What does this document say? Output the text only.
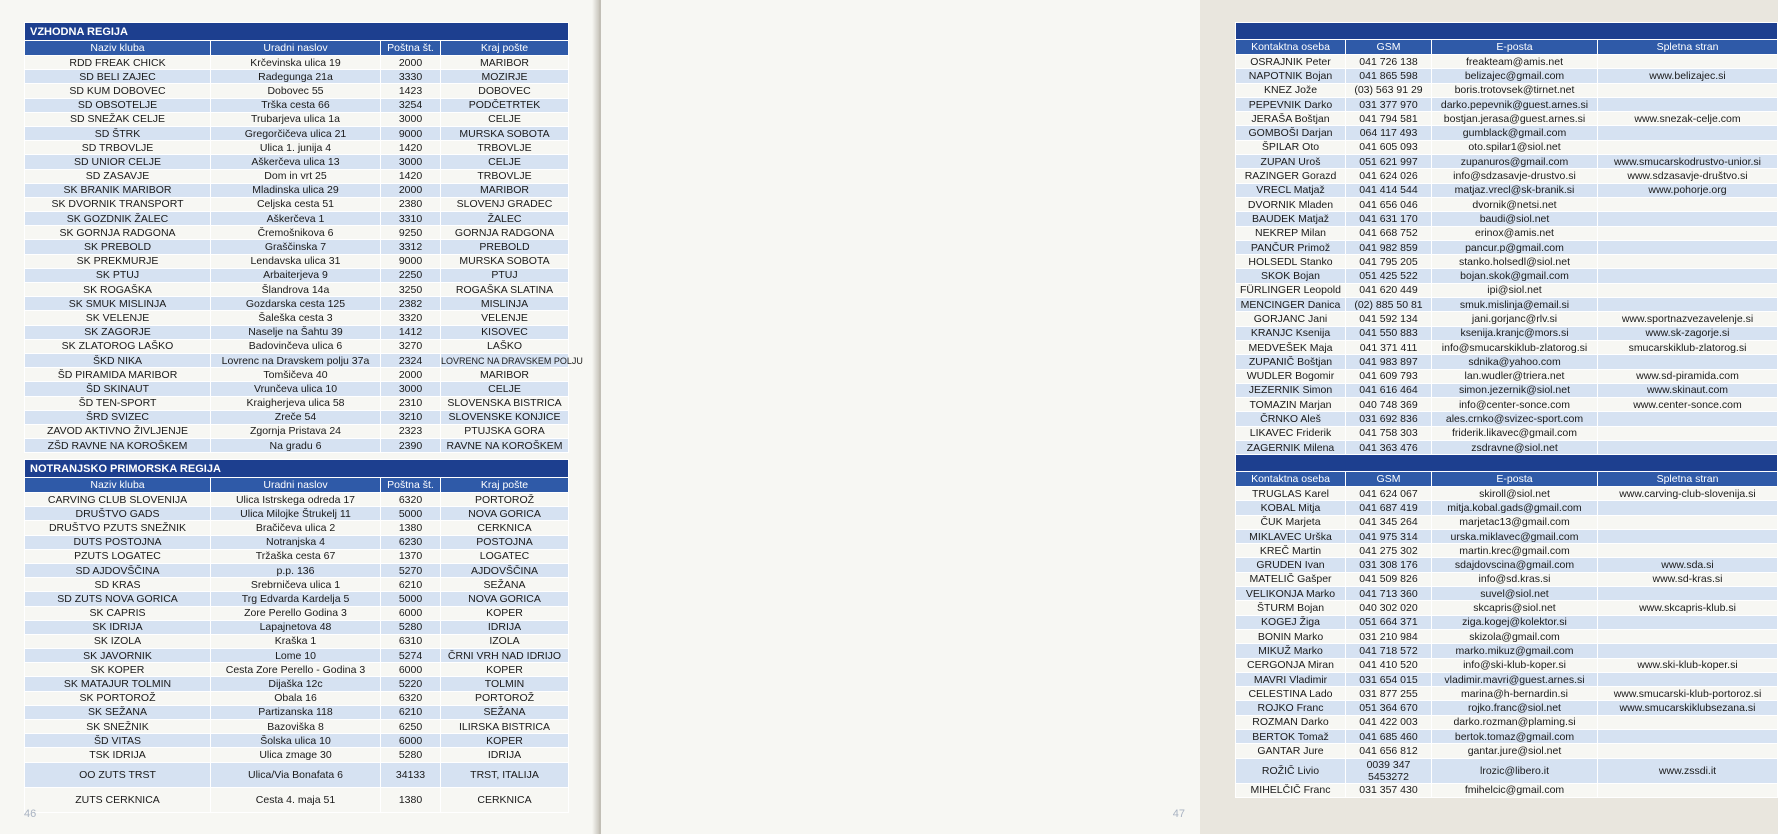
VZHODNA REGIJA			
Naziv kluba	Uradni naslov	Poštna št.	Kraj pošte
RDD FREAK CHICK	Krčevinska ulica 19	2000	MARIBOR
SD BELI ZAJEC	Radegunga 21a	3330	MOZIRJE
SD KUM DOBOVEC	Dobovec 55	1423	DOBOVEC
SD OBSOTELJE	Trška cesta 66	3254	PODČETRTEK
SD SNEŽAK CELJE	Trubarjeva ulica 1a	3000	CELJE
SD ŠTRK	Gregorčičeva ulica 21	9000	MURSKA SOBOTA
SD TRBOVLJE	Ulica 1. junija 4	1420	TRBOVLJE
SD UNIOR CELJE	Aškerčeva ulica 13	3000	CELJE
SD ZASAVJE	Dom in vrt 25	1420	TRBOVLJE
SK BRANIK MARIBOR	Mladinska ulica 29	2000	MARIBOR
SK DVORNIK TRANSPORT	Celjska cesta 51	2380	SLOVENJ GRADEC
SK GOZDNIK ŽALEC	Aškerčeva 1	3310	ŽALEC
SK GORNJA RADGONA	Čremošnikova 6	9250	GORNJA RADGONA
SK PREBOLD	Graščinska 7	3312	PREBOLD
SK PREKMURJE	Lendavska ulica 31	9000	MURSKA SOBOTA
SK PTUJ	Arbaiterjeva 9	2250	PTUJ
SK ROGAŠKA	Šlandrova 14a	3250	ROGAŠKA SLATINA
SK SMUK MISLINJA	Gozdarska cesta 125	2382	MISLINJA
SK VELENJE	Šaleška cesta 3	3320	VELENJE
SK ZAGORJE	Naselje na Šahtu 39	1412	KISOVEC
SK ZLATOROG LAŠKO	Badovinčeva ulica 6	3270	LAŠKO
ŠKD NIKA	Lovrenc na Dravskem polju 37a	2324	LOVRENC NA DRAVSKEM POLJU
ŠD PIRAMIDA MARIBOR	Tomšičeva 40	2000	MARIBOR
ŠD SKINAUT	Vrunčeva ulica 10	3000	CELJE
ŠD TEN-SPORT	Kraigherjeva ulica 58	2310	SLOVENSKA BISTRICA
ŠRD SVIZEC	Zreče 54	3210	SLOVENSKE KONJICE
ZAVOD AKTIVNO ŽIVLJENJE	Zgornja Pristava 24	2323	PTUJSKA GORA
ZŠD RAVNE NA KOROŠKEM	Na gradu 6	2390	RAVNE NA KOROŠKEM
NOTRANJSKO PRIMORSKA REGIJA			
Naziv kluba	Uradni naslov	Poštna št.	Kraj pošte
CARVING CLUB SLOVENIJA	Ulica Istrskega odreda 17	6320	PORTOROŽ
DRUŠTVO GADS	Ulica Milojke Štrukelj 11	5000	NOVA GORICA
DRUŠTVO PZUTS SNEŽNIK	Bračičeva ulica 2	1380	CERKNICA
DUTS POSTOJNA	Notranjska 4	6230	POSTOJNA
PZUTS LOGATEC	Tržaška cesta 67	1370	LOGATEC
SD AJDOVŠČINA	p.p. 136	5270	AJDOVŠČINA
SD KRAS	Srebrničeva ulica 1	6210	SEŽANA
SD ZUTS NOVA GORICA	Trg Edvarda Kardelja 5	5000	NOVA GORICA
SK CAPRIS	Zore Perello Godina 3	6000	KOPER
SK IDRIJA	Lapajnetova 48	5280	IDRIJA
SK IZOLA	Kraška 1	6310	IZOLA
SK JAVORNIK	Lome 10	5274	ČRNI VRH NAD IDRIJO
SK KOPER	Cesta Zore Perello - Godina 3	6000	KOPER
SK MATAJUR TOLMIN	Dijaška 12c	5220	TOLMIN
SK PORTOROŽ	Obala 16	6320	PORTOROŽ
SK SEŽANA	Partizanska 118	6210	SEŽANA
SK SNEŽNIK	Bazoviška 8	6250	ILIRSKA BISTRICA
ŠD VITAS	Šolska ulica 10	6000	KOPER
TSK IDRIJA	Ulica zmage 30	5280	IDRIJA
OO ZUTS TRST	Ulica/Via Bonafata 6	34133	TRST, ITALIJA
ZUTS CERKNICA	Cesta 4. maja 51	1380	CERKNICA
46

Kontaktna oseba	GSM	E-posta	Spletna stran
OSRAJNIK Peter	041 726 138	freakteam@amis.net	
NAPOTNIK Bojan	041 865 598	belizajec@gmail.com	www.belizajec.si
KNEZ Jože	(03) 563 91 29	boris.trotovsek@tirnet.net	
PEPEVNIK Darko	031 377 970	darko.pepevnik@guest.arnes.si	
JERAŠA Boštjan	041 794 581	bostjan.jerasa@guest.arnes.si	www.snezak-celje.com
GOMBOŠI Darjan	064 117 493	gumblack@gmail.com	
ŠPILAR Oto	041 605 093	oto.spilar1@siol.net	
ZUPAN Uroš	051 621 997	zupanuros@gmail.com	www.smucarskodrustvo-unior.si
RAZINGER Gorazd	041 624 026	info@sdzasavje-drustvo.si	www.sdzasavje-društvo.si
VRECL Matjaž	041 414 544	matjaz.vrecl@sk-branik.si	www.pohorje.org
DVORNIK Mladen	041 656 046	dvornik@netsi.net	
BAUDEK Matjaž	041 631 170	baudi@siol.net	
NEKREP Milan	041 668 752	erinox@amis.net	
PANČUR Primož	041 982 859	pancur.p@gmail.com	
HOLSEDL Stanko	041 795 205	stanko.holsedl@siol.net	
SKOK Bojan	051 425 522	bojan.skok@gmail.com	
FÜRLINGER Leopold	041 620 449	ipi@siol.net	
MENCINGER Danica	(02) 885 50 81	smuk.mislinja@email.si	
GORJANC Jani	041 592 134	jani.gorjanc@rlv.si	www.sportnazvezavelenje.si
KRANJC Ksenija	041 550 883	ksenija.kranjc@mors.si	www.sk-zagorje.si
MEDVEŠEK Maja	041 371 411	info@smucarskiklub-zlatorog.si	smucarskiklub-zlatorog.si
ZUPANIČ Boštjan	041 983 897	sdnika@yahoo.com	
WUDLER Bogomir	041 609 793	lan.wudler@triera.net	www.sd-piramida.com
JEZERNIK Simon	041 616 464	simon.jezernik@siol.net	www.skinaut.com
TOMAZIN Marjan	040 748 369	info@center-sonce.com	www.center-sonce.com
ČRNKO Aleš	031 692 836	ales.crnko@svizec-sport.com	
LIKAVEC Friderik	041 758 303	friderik.likavec@gmail.com	
ZAGERNIK Milena	041 363 476	zsdravne@siol.net	

Kontaktna oseba	GSM	E-posta	Spletna stran
TRUGLAS Karel	041 624 067	skiroll@siol.net	www.carving-club-slovenija.si
KOBAL Mitja	041 687 419	mitja.kobal.gads@gmail.com	
ČUK Marjeta	041 345 264	marjetac13@gmail.com	
MIKLAVEC Urška	041 975 314	urska.miklavec@gmail.com	
KREČ Martin	041 275 302	martin.krec@gmail.com	
GRUDEN Ivan	031 308 176	sdajdovscina@gmail.com	www.sda.si
MATELIČ Gašper	041 509 826	info@sd.kras.si	www.sd-kras.si
VELIKONJA Marko	041 713 360	suvel@siol.net	
ŠTURM Bojan	040 302 020	skcapris@siol.net	www.skcapris-klub.si
KOGEJ Žiga	051 664 371	ziga.kogej@kolektor.si	
BONIN Marko	031 210 984	skizola@gmail.com	
MIKUŽ Marko	041 718 572	marko.mikuz@gmail.com	
CERGONJA Miran	041 410 520	info@ski-klub-koper.si	www.ski-klub-koper.si
MAVRI Vladimir	031 654 015	vladimir.mavri@guest.arnes.si	
CELESTINA Lado	031 877 255	marina@h-bernardin.si	www.smucarski-klub-portoroz.si
ROJKO Franc	051 364 670	rojko.franc@siol.net	www.smucarskiklubsezana.si
ROZMAN Darko	041 422 003	darko.rozman@plaming.si	
BERTOK Tomaž	041 685 460	bertok.tomaz@gmail.com	
GANTAR Jure	041 656 812	gantar.jure@siol.net	
ROŽIČ Livio	0039 347 5453272	lrozic@libero.it	www.zssdi.it
MIHELČIČ Franc	031 357 430	fmihelcic@gmail.com	
47
